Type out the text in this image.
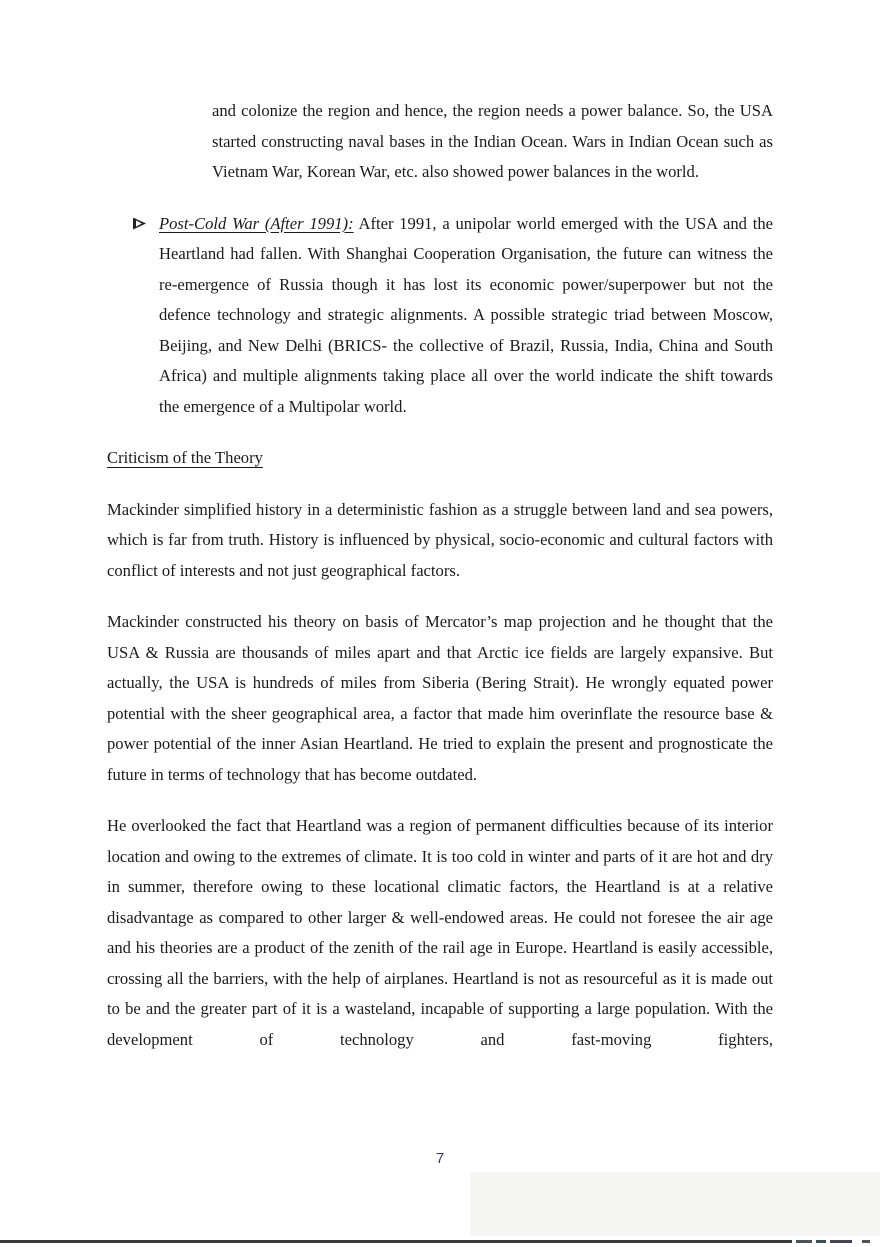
and colonize the region and hence, the region needs a power balance. So, the USA started constructing naval bases in the Indian Ocean. Wars in Indian Ocean such as Vietnam War, Korean War, etc. also showed power balances in the world.

Post-Cold War (After 1991): After 1991, a unipolar world emerged with the USA and the Heartland had fallen. With Shanghai Cooperation Organisation, the future can witness the re-emergence of Russia though it has lost its economic power/superpower but not the defence technology and strategic alignments. A possible strategic triad between Moscow, Beijing, and New Delhi (BRICS- the collective of Brazil, Russia, India, China and South Africa) and multiple alignments taking place all over the world indicate the shift towards the emergence of a Multipolar world.
Criticism of the Theory

Mackinder simplified history in a deterministic fashion as a struggle between land and sea powers, which is far from truth. History is influenced by physical, socio-economic and cultural factors with conflict of interests and not just geographical factors.

Mackinder constructed his theory on basis of Mercator’s map projection and he thought that the USA & Russia are thousands of miles apart and that Arctic ice fields are largely expansive. But actually, the USA is hundreds of miles from Siberia (Bering Strait). He wrongly equated power potential with the sheer geographical area, a factor that made him overinflate the resource base & power potential of the inner Asian Heartland. He tried to explain the present and prognosticate the future in terms of technology that has become outdated.

He overlooked the fact that Heartland was a region of permanent difficulties because of its interior location and owing to the extremes of climate. It is too cold in winter and parts of it are hot and dry in summer, therefore owing to these locational climatic factors, the Heartland is at a relative disadvantage as compared to other larger & well-endowed areas. He could not foresee the air age and his theories are a product of the zenith of the rail age in Europe. Heartland is easily accessible, crossing all the barriers, with the help of airplanes. Heartland is not as resourceful as it is made out to be and the greater part of it is a wasteland, incapable of supporting a large population. With the development of technology and fast-moving fighters,

7
